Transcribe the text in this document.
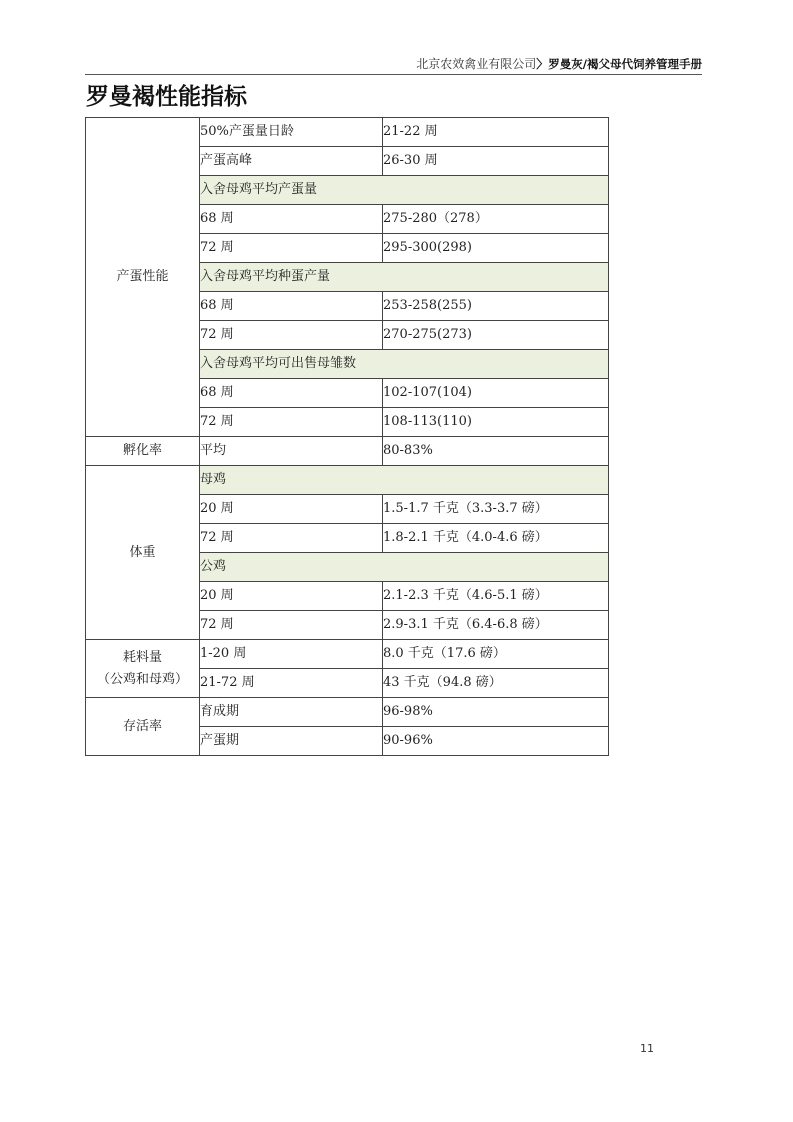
北京农效禽业有限公司〉罗曼灰/褐父母代饲养管理手册
罗曼褐性能指标
产蛋性能	50%产蛋量日龄	21-22 周
	产蛋高峰	26-30 周
	入舍母鸡平均产蛋量	
	68 周	275-280（278）
	72 周	295-300(298)
	入舍母鸡平均种蛋产量	
	68 周	253-258(255)
	72 周	270-275(273)
	入舍母鸡平均可出售母雏数	
	68 周	102-107(104)
	72 周	108-113(110)
孵化率	平均	80-83%
体重	母鸡	
	20 周	1.5-1.7 千克（3.3-3.7 磅）
	72 周	1.8-2.1 千克（4.0-4.6 磅）
	公鸡	
	20 周	2.1-2.3 千克（4.6-5.1 磅）
	72 周	2.9-3.1 千克（6.4-6.8 磅）

耗料量
（公鸡和母鸡）	1-20 周	8.0 千克（17.6 磅）
	21-72 周	43 千克（94.8 磅）
存活率	育成期	96-98%
	产蛋期	90-96%
11
